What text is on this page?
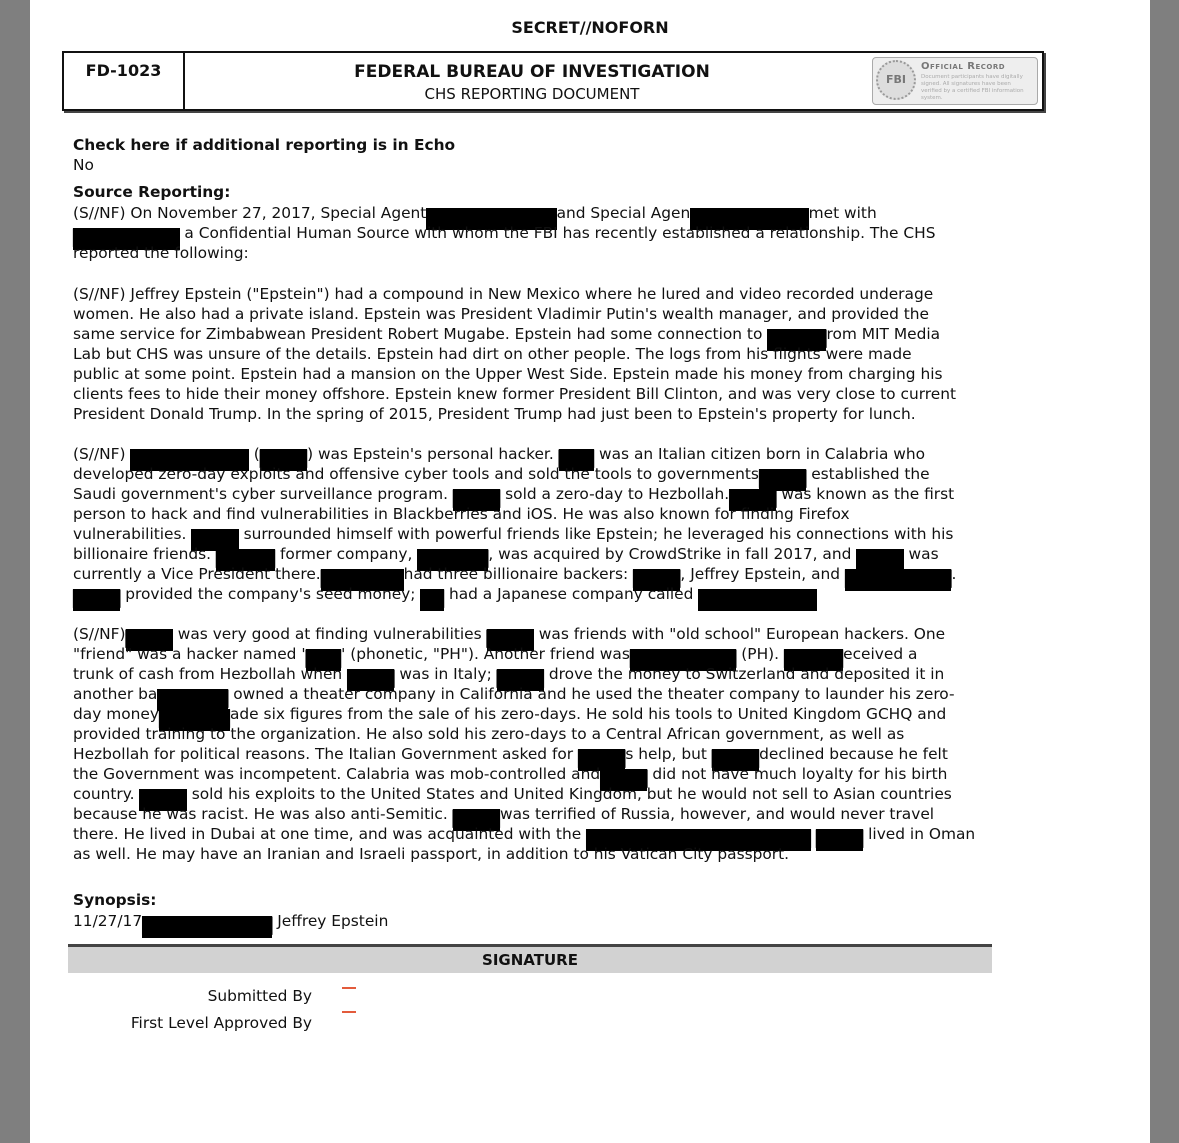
SECRET//NOFORN
FD-1023	FEDERAL BUREAU OF INVESTIGATION
CHS REPORTING DOCUMENT
FBI
Official Record
Document participants have digitally signed. All signatures have been verified by a certified FBI information system.
Check here if additional reporting is in Echo
No
Source Reporting:
(S//NF) On November 27, 2017, Special Agent███████████and Special Agen██████████met with
█████████ a Confidential Human Source with whom the FBI has recently established a relationship. The CHS
reported the following:
(S//NF) Jeffrey Epstein ("Epstein") had a compound in New Mexico where he lured and video recorded underage
women. He also had a private island. Epstein was President Vladimir Putin's wealth manager, and provided the
same service for Zimbabwean President Robert Mugabe. Epstein had some connection to █████rom MIT Media
Lab but CHS was unsure of the details. Epstein had dirt on other people. The logs from his flights were made
public at some point. Epstein had a mansion on the Upper West Side. Epstein made his money from charging his
clients fees to hide their money offshore. Epstein knew former President Bill Clinton, and was very close to current
President Donald Trump. In the spring of 2015, President Trump had just been to Epstein's property for lunch.
(S//NF) ██████████ (████) was Epstein's personal hacker. ███ was an Italian citizen born in Calabria who
developed zero-day exploits and offensive cyber tools and sold the tools to governments████ established the
Saudi government's cyber surveillance program. ████ sold a zero-day to Hezbollah.████ was known as the first
person to hack and find vulnerabilities in Blackberries and iOS. He was also known for finding Firefox
vulnerabilities. ████ surrounded himself with powerful friends like Epstein; he leveraged his connections with his
billionaire friends. █████ former company, ██████, was acquired by CrowdStrike in fall 2017, and ████ was
currently a Vice President there.███████had three billionaire backers: ████, Jeffrey Epstein, and █████████.
████ provided the company's seed money; ██ had a Japanese company called ██████████
(S//NF)████ was very good at finding vulnerabilities ████ was friends with "old school" European hackers. One
"friend" was a hacker named '███' (phonetic, "PH"). Another friend was█████████ (PH). █████eceived a
trunk of cash from Hezbollah when ████ was in Italy; ████ drove the money to Switzerland and deposited it in
another ba██████ owned a theater company in California and he used the theater company to launder his zero-
day money██████ade six figures from the sale of his zero-days. He sold his tools to United Kingdom GCHQ and
provided training to the organization. He also sold his zero-days to a Central African government, as well as
Hezbollah for political reasons. The Italian Government asked for ████s help, but ████declined because he felt
the Government was incompetent. Calabria was mob-controlled and████ did not have much loyalty for his birth
country. ████ sold his exploits to the United States and United Kingdom, but he would not sell to Asian countries
because he was racist. He was also anti-Semitic. ████was terrified of Russia, however, and would never travel
there. He lived in Dubai at one time, and was acquainted with the ███████████████████ ████ lived in Oman
as well. He may have an Iranian and Israeli passport, in addition to his Vatican City passport.
Synopsis:
11/27/17███████████ Jeffrey Epstein
SIGNATURE
Submitted By
First Level Approved By
